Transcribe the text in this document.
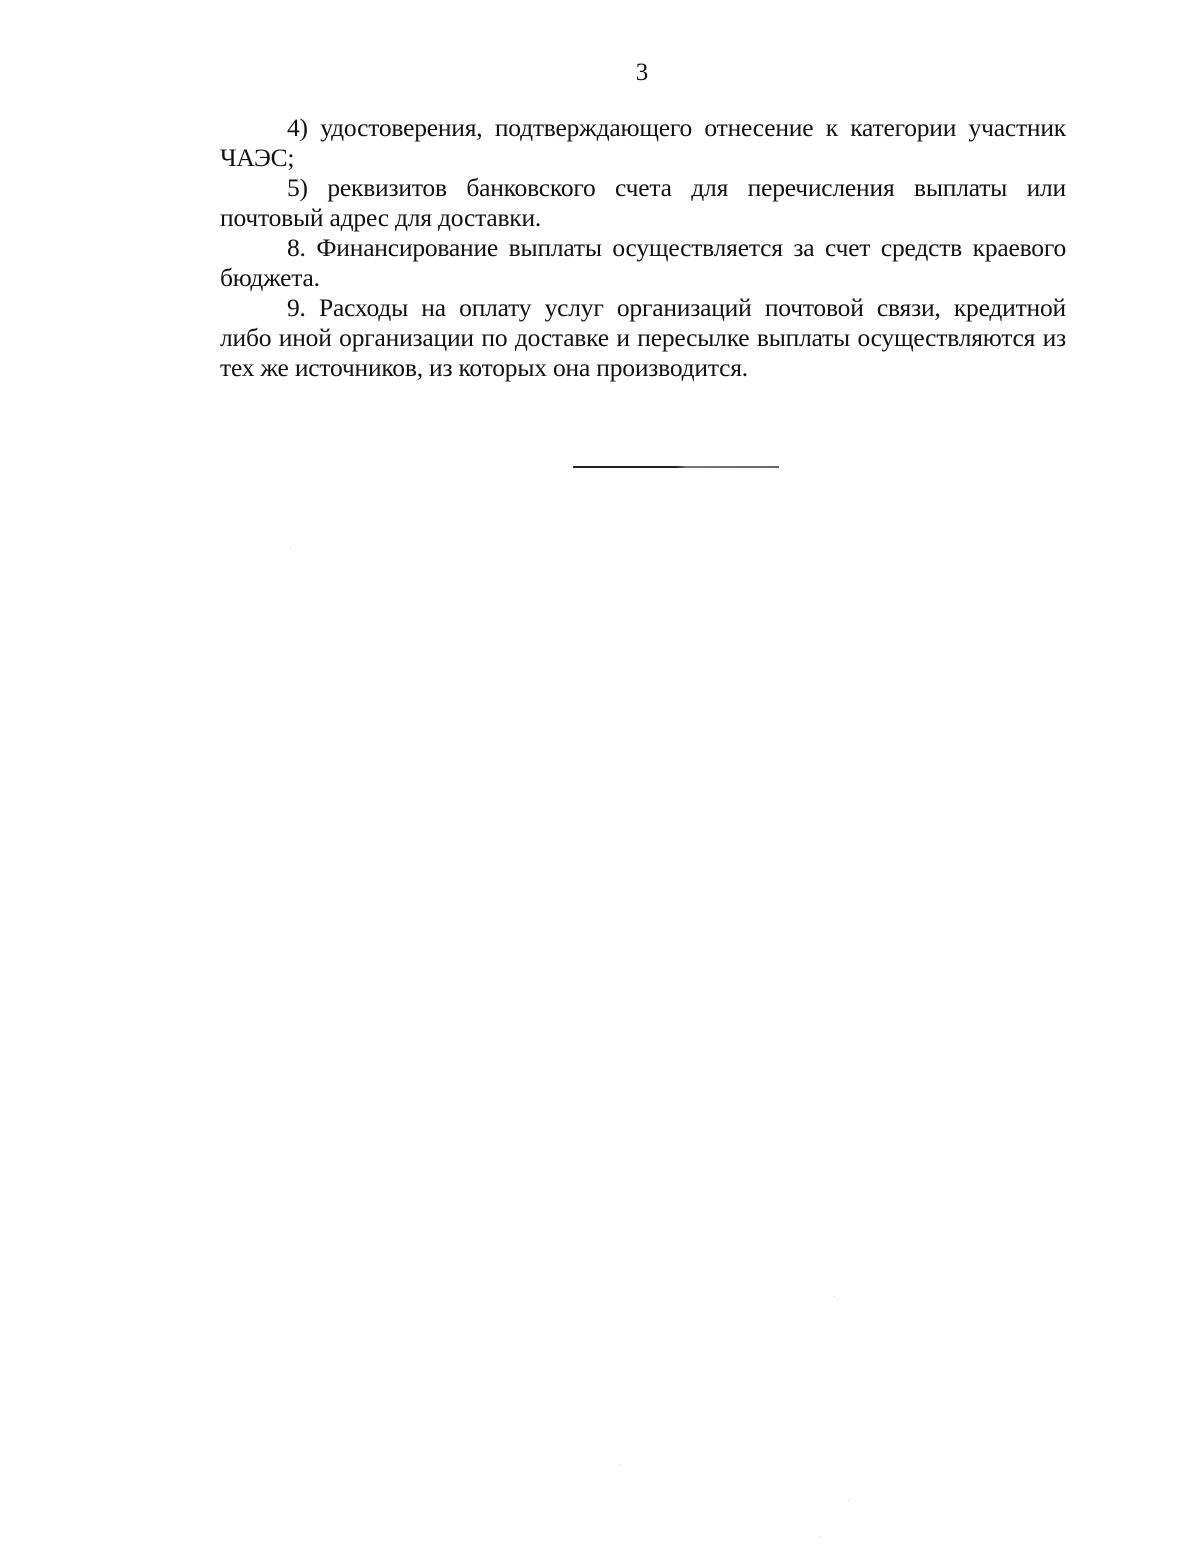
3

4) удостоверения, подтверждающего отнесение к категории участник ЧАЭС;

5) реквизитов банковского счета для перечисления выплаты или почтовый адрес для доставки.

8. Финансирование выплаты осуществляется за счет средств краевого бюджета.

9. Расходы на оплату услуг организаций почтовой связи, кредитной либо иной организации по доставке и пересылке выплаты осуществляются из тех же источников, из которых она производится.
